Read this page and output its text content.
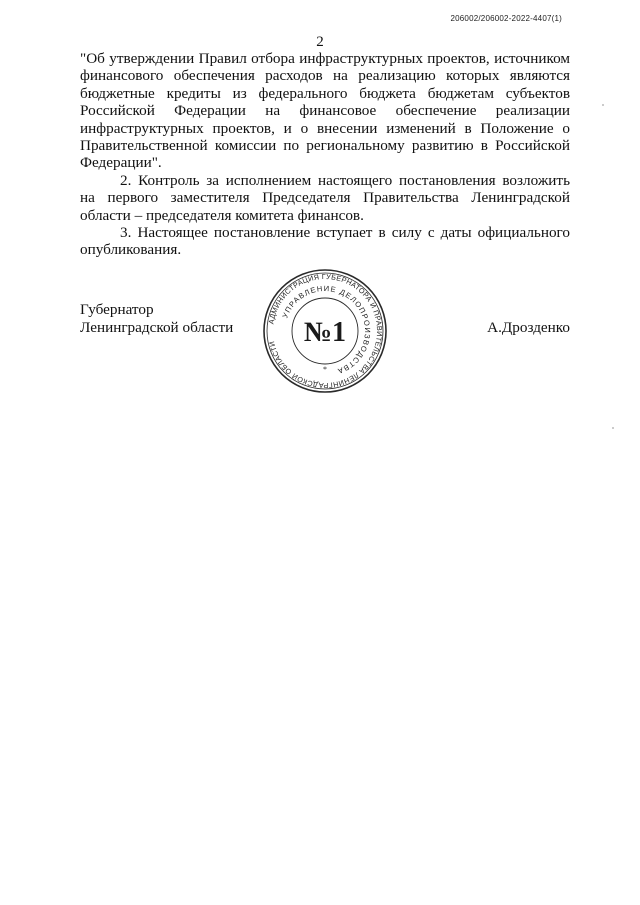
206002/206002-2022-4407(1)
2

"Об утверждении Правил отбора инфраструктурных проектов, источником финансового обеспечения расходов на реализацию которых являются бюджетные кредиты из федерального бюджета бюджетам субъектов Российской Федерации на финансовое обеспечение реализации инфраструктурных проектов, и о внесении изменений в Положение о Правительственной комиссии по региональному развитию в Российской Федерации".

2. Контроль за исполнением настоящего постановления возложить на первого заместителя Председателя Правительства Ленинградской области – председателя комитета финансов.

3. Настоящее постановление вступает в силу с даты официального опубликования.

Губернатор
Ленинградской области	А.Дрозденко
АДМИНИСТРАЦИЯ ГУБЕРНАТОРА И ПРАВИТЕЛЬСТВА ЛЕНИНГРАДСКОЙ ОБЛАСТИ
УПРАВЛЕНИЕ ДЕЛОПРОИЗВОДСТВА
№1
*
